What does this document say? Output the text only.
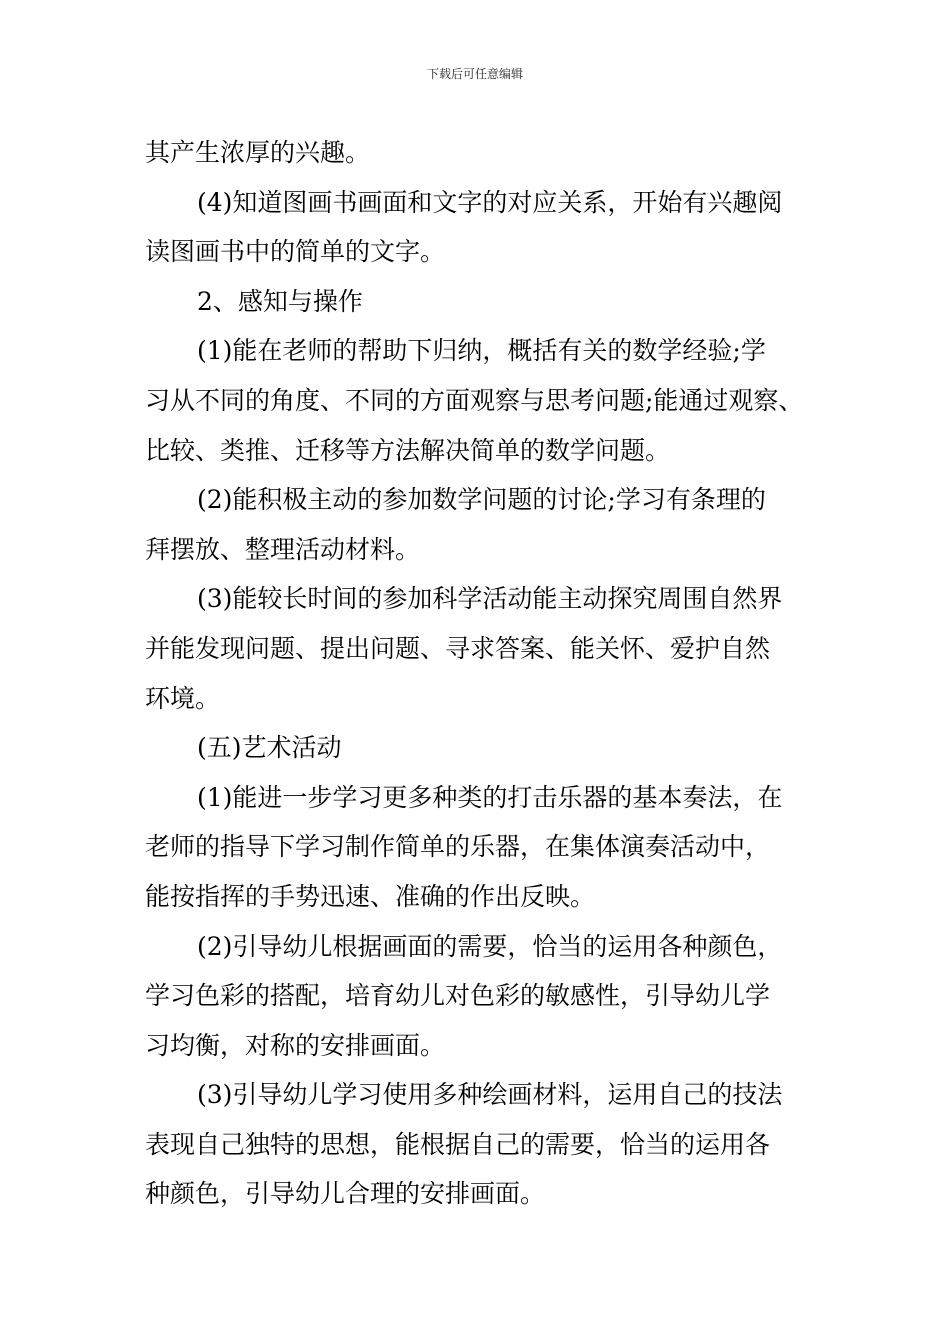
下载后可任意编辑
其产生浓厚的兴趣。
(4)知道图画书画面和文字的对应关系，开始有兴趣阅
读图画书中的简单的文字。
2、感知与操作
(1)能在老师的帮助下归纳，概括有关的数学经验;学
习从不同的角度、不同的方面观察与思考问题;能通过观察、
比较、类推、迁移等方法解决简单的数学问题。
(2)能积极主动的参加数学问题的讨论;学习有条理的
拜摆放、整理活动材料。
(3)能较长时间的参加科学活动能主动探究周围自然界
并能发现问题、提出问题、寻求答案、能关怀、爱护自然
环境。
(五)艺术活动
(1)能进一步学习更多种类的打击乐器的基本奏法，在
老师的指导下学习制作简单的乐器，在集体演奏活动中，
能按指挥的手势迅速、准确的作出反映。
(2)引导幼儿根据画面的需要，恰当的运用各种颜色，
学习色彩的搭配，培育幼儿对色彩的敏感性，引导幼儿学
习均衡，对称的安排画面。
(3)引导幼儿学习使用多种绘画材料，运用自己的技法
表现自己独特的思想，能根据自己的需要，恰当的运用各
种颜色，引导幼儿合理的安排画面。
